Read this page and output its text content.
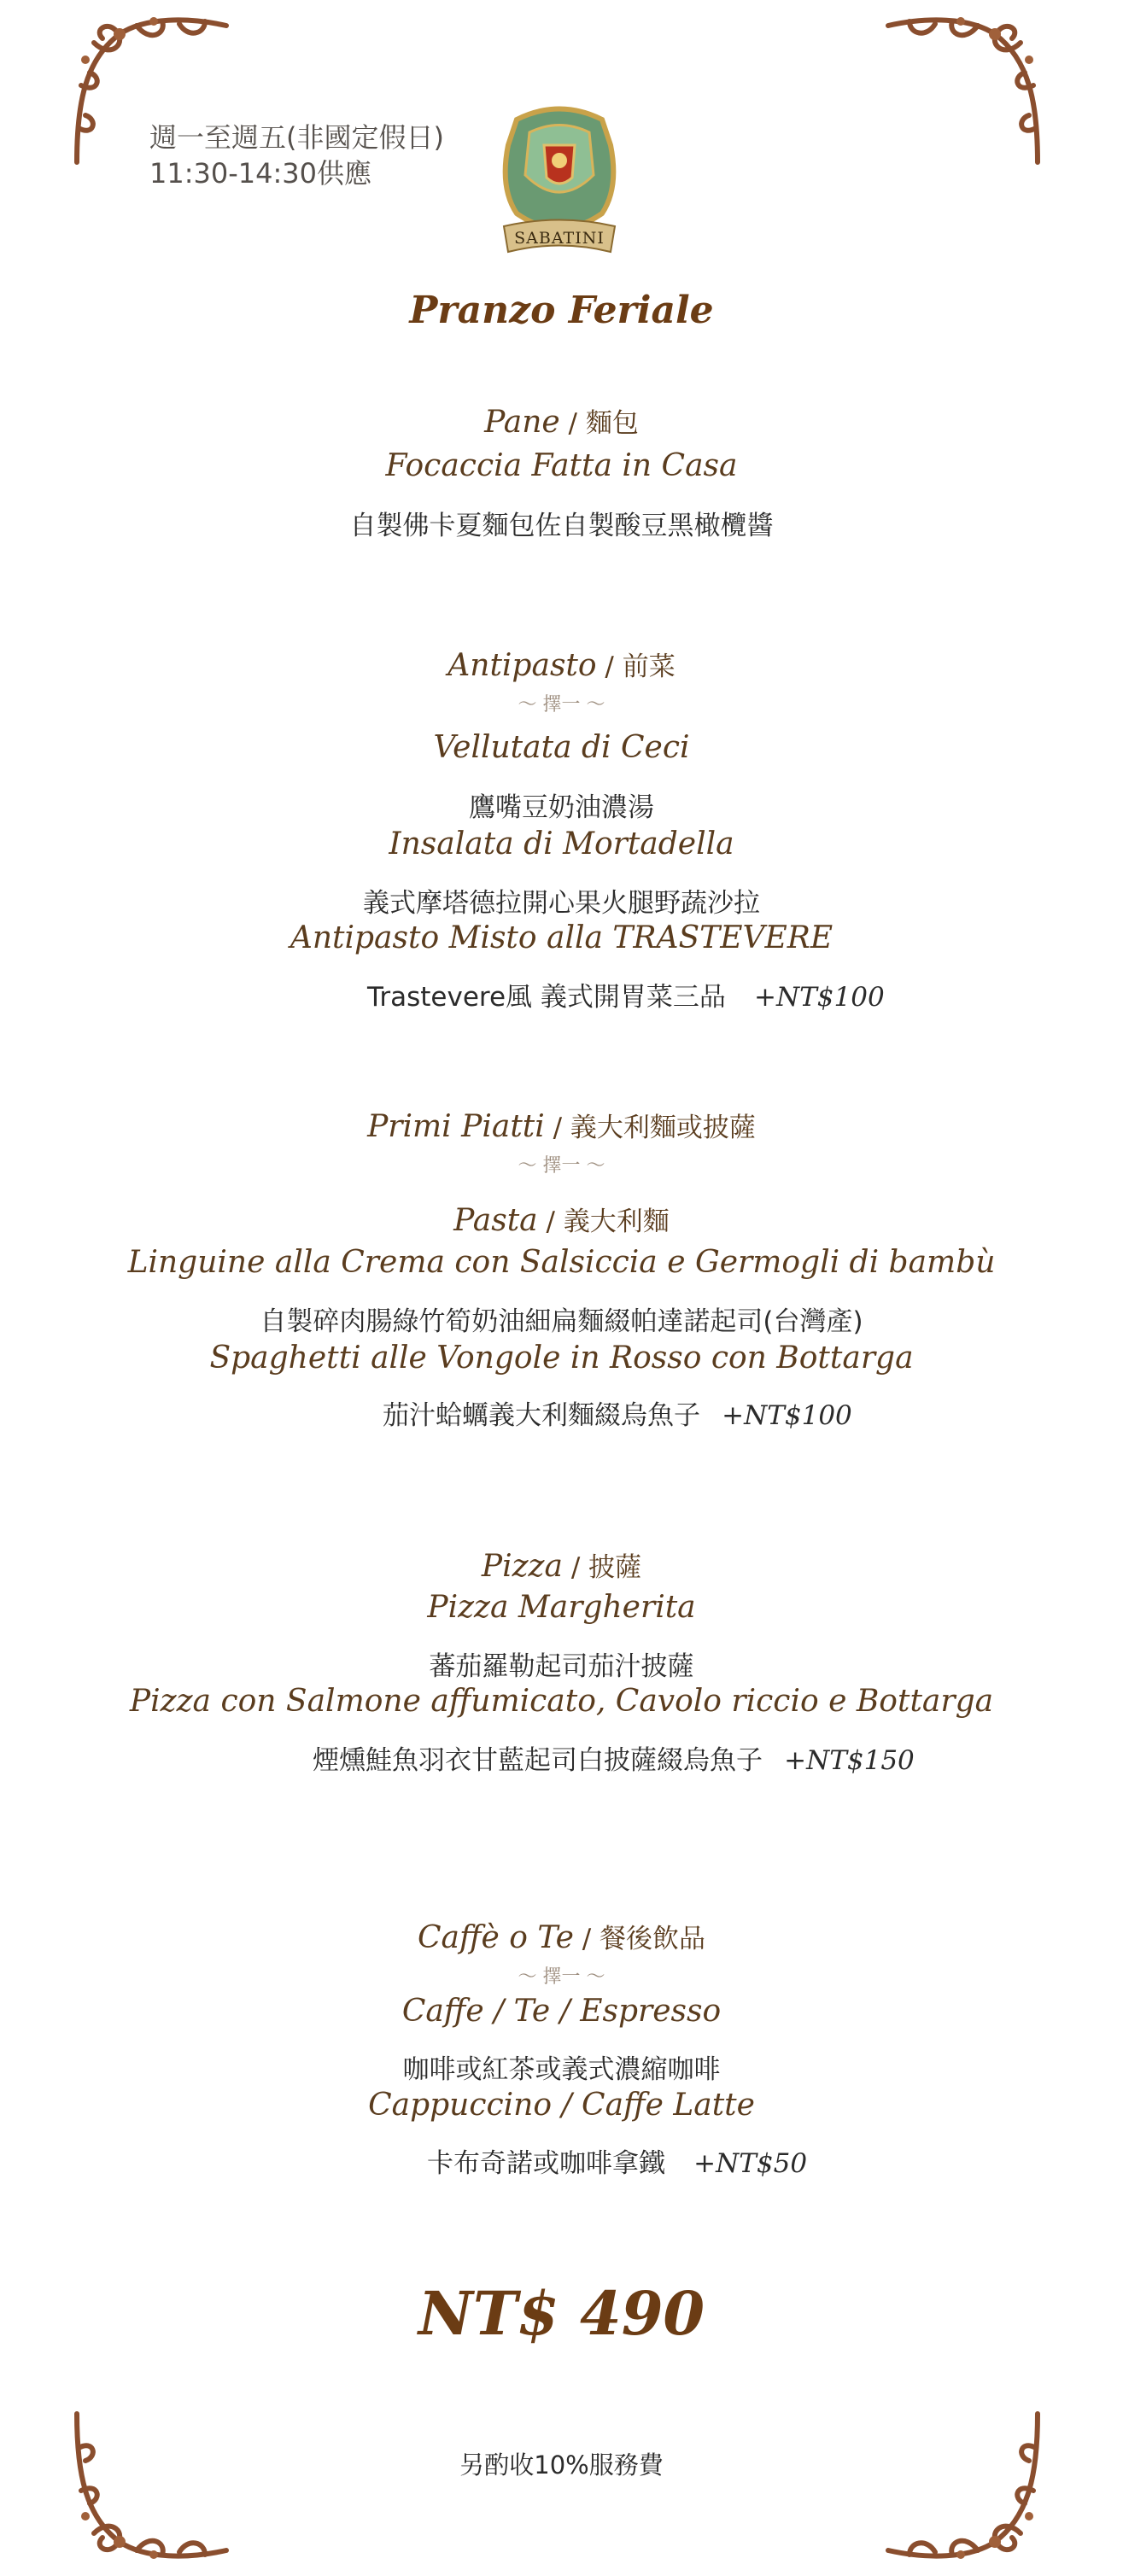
週一至週五(非國定假日)
11:30-14:30供應
SABATINI
Pranzo Feriale
Pane / 麵包
Focaccia Fatta in Casa
自製佛卡夏麵包佐自製酸豆黑橄欖醬
Antipasto / 前菜
～ 擇一 ～
Vellutata di Ceci
鷹嘴豆奶油濃湯
Insalata di Mortadella
義式摩塔德拉開心果火腿野蔬沙拉
Antipasto Misto alla TRASTEVERE
Trastevere風 義式開胃菜三品 +NT$100
Primi Piatti / 義大利麵或披薩
～ 擇一 ～
Pasta / 義大利麵
Linguine alla Crema con Salsiccia e Germogli di bambù
自製碎肉腸綠竹筍奶油細扁麵綴帕達諾起司(台灣產)
Spaghetti alle Vongole in Rosso con Bottarga
茄汁蛤蠣義大利麵綴烏魚子 +NT$100
Pizza / 披薩
Pizza Margherita
蕃茄羅勒起司茄汁披薩
Pizza con Salmone affumicato, Cavolo riccio e Bottarga
煙燻鮭魚羽衣甘藍起司白披薩綴烏魚子 +NT$150
Caffè o Te / 餐後飲品
～ 擇一 ～
Caffe / Te / Espresso
咖啡或紅茶或義式濃縮咖啡
Cappuccino / Caffe Latte
卡布奇諾或咖啡拿鐵 +NT$50
NT$ 490
另酌收10%服務費
